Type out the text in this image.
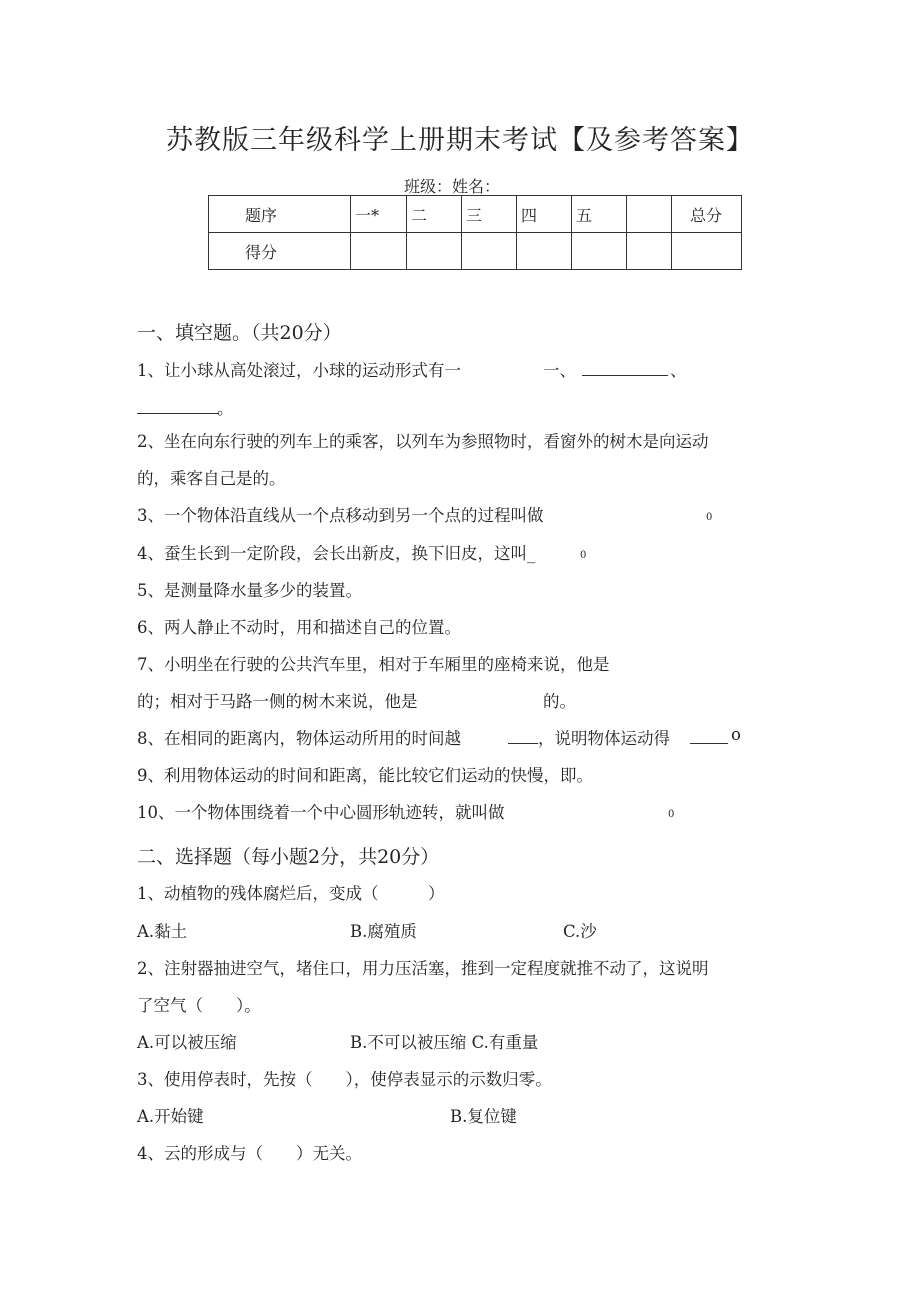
苏教版三年级科学上册期末考试【及参考答案】
班级：姓名：
题序	一*	二	三	四	五		总分
得分							
一、填空题。（共20分）
1、让小球从高处滚过，小球的运动形式有一	一、	、
。
2、坐在向东行驶的列车上的乘客，以列车为参照物时，看窗外的树木是向运动
的，乘客自己是的。
3、一个物体沿直线从一个点移动到另一个点的过程叫做	0
4、蚕生长到一定阶段，会长出新皮，换下旧皮，这叫_	0
5、是测量降水量多少的装置。
6、两人静止不动时，用和描述自己的位置。
7、小明坐在行驶的公共汽车里，相对于车厢里的座椅来说，他是
的；相对于马路一侧的树木来说，他是	的。
8、在相同的距离内，物体运动所用的时间越	，说明物体运动得	o
9、利用物体运动的时间和距离，能比较它们运动的快慢，即。
10、一个物体围绕着一个中心圆形轨迹转，就叫做	0
二、选择题（每小题2分，共20分）
1、动植物的残体腐烂后，变成（　　　）
A.黏土	B.腐殖质	C.沙
2、注射器抽进空气，堵住口，用力压活塞，推到一定程度就推不动了，这说明
了空气（　　）。
A.可以被压缩	B.不可以被压缩 C.有重量
3、使用停表时，先按（　　），使停表显示的示数归零。
A.开始键	B.复位键
4、云的形成与（　　）无关。
